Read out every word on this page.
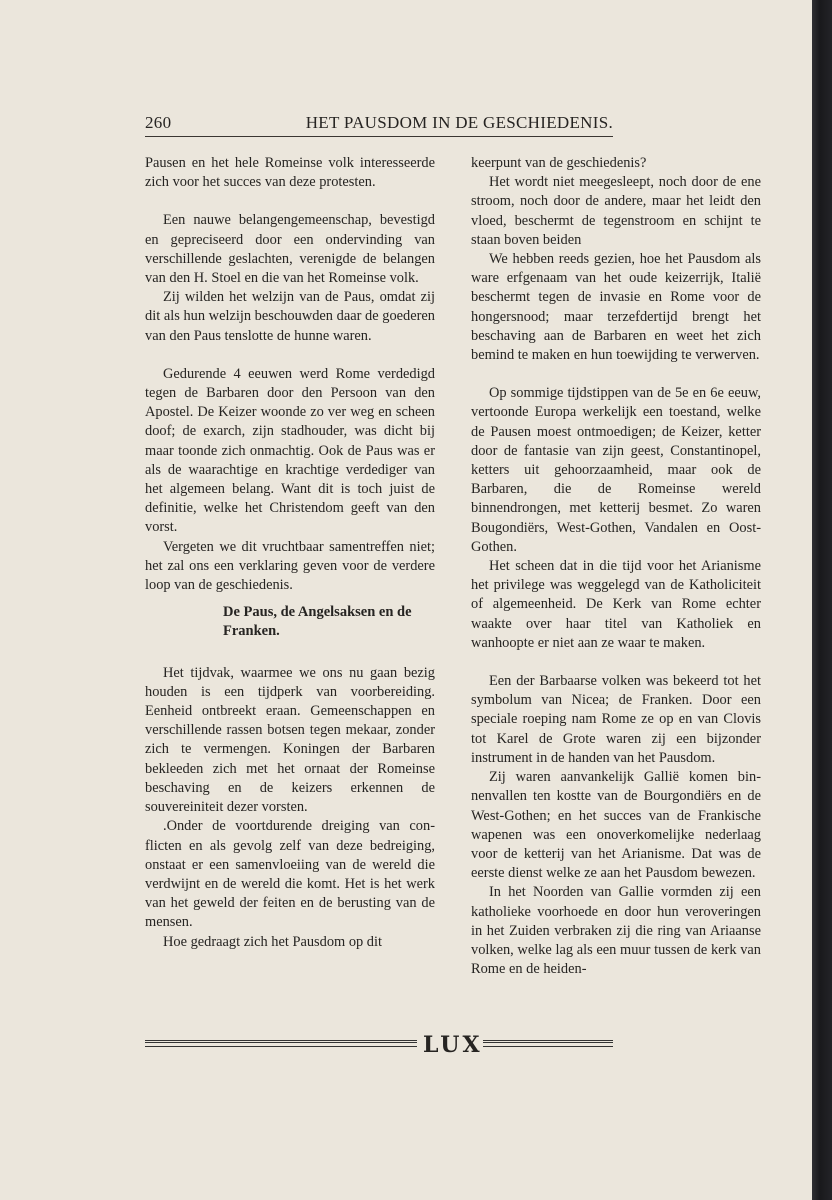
260	HET PAUSDOM IN DE GESCHIEDENIS.

Pausen en het hele Romeinse volk interesseerde zich voor het succes van deze protesten.

Een nauwe belangengemeenschap, bevestigd en gepreciseerd door een ondervinding van verschillende geslachten, verenigde de belangen van den H. Stoel en die van het Romeinse volk.

Zij wilden het welzijn van de Paus, omdat zij dit als hun welzijn beschouwden daar de goederen van den Paus tenslotte de hunne waren.

Gedurende 4 eeuwen werd Rome verdedigd tegen de Barbaren door den Persoon van den Apostel. De Keizer woonde zo ver weg en scheen doof; de exarch, zijn stadhouder, was dicht bij maar toonde zich onmachtig. Ook de Paus was er als de waarachtige en krachtige verdediger van het algemeen belang. Want dit is toch juist de definitie, welke het Christendom geeft van den vorst.

Vergeten we dit vruchtbaar samentreffen niet; het zal ons een verklaring geven voor de verdere loop van de geschiedenis.

De Paus, de Angelsaksen en de Franken.

Het tijdvak, waarmee we ons nu gaan bezig houden is een tijdperk van voorbereiding. Eenheid ontbreekt eraan. Gemeenschappen en verschillende rassen botsen tegen mekaar, zonder zich te vermengen. Koningen der Barbaren bekleeden zich met het ornaat der Romeinse beschaving en de keizers erkennen de souvereiniteit dezer vorsten.

.Onder de voortdurende dreiging van conflicten en als gevolg zelf van deze bedreiging, onstaat er een samenvloeiing van de wereld die verdwijnt en de wereld die komt. Het is het werk van het geweld der feiten en de berusting van de mensen.

Hoe gedraagt zich het Pausdom op dit

keerpunt van de geschiedenis?

Het wordt niet meegesleept, noch door de ene stroom, noch door de andere, maar het leidt den vloed, beschermt de tegenstroom en schijnt te staan boven beiden

We hebben reeds gezien, hoe het Pausdom als ware erfgenaam van het oude keizerrijk, Italië beschermt tegen de invasie en Rome voor de hongersnood; maar terzefdertijd brengt het beschaving aan de Barbaren en weet het zich bemind te maken en hun toewijding te verwerven.

Op sommige tijdstippen van de 5e en 6e eeuw, vertoonde Europa werkelijk een toestand, welke de Pausen moest ontmoedigen; de Keizer, ketter door de fantasie van zijn geest, Constantinopel, ketters uit gehoorzaamheid, maar ook de Barbaren, die de Romeinse wereld binnendrongen, met ketterij besmet. Zo waren Bougondiërs, West-Gothen, Vandalen en Oost-Gothen.

Het scheen dat in die tijd voor het Arianisme het privilege was weggelegd van de Katholiciteit of algemeenheid. De Kerk van Rome echter waakte over haar titel van Katholiek en wanhoopte er niet aan ze waar te maken.

Een der Barbaarse volken was bekeerd tot het symbolum van Nicea; de Franken. Door een speciale roeping nam Rome ze op en van Clovis tot Karel de Grote waren zij een bijzonder instrument in de handen van het Pausdom.

Zij waren aanvankelijk Gallië komen binnenvallen ten kostte van de Bourgondiërs en de West-Gothen; en het succes van de Frankische wapenen was een onoverkomelijke nederlaag voor de ketterij van het Arianisme. Dat was de eerste dienst welke ze aan het Pausdom bewezen.

In het Noorden van Gallie vormden zij een katholieke voorhoede en door hun veroveringen in het Zuiden verbraken zij die ring van Ariaanse volken, welke lag als een muur tussen de kerk van Rome en de heiden-

LUX
